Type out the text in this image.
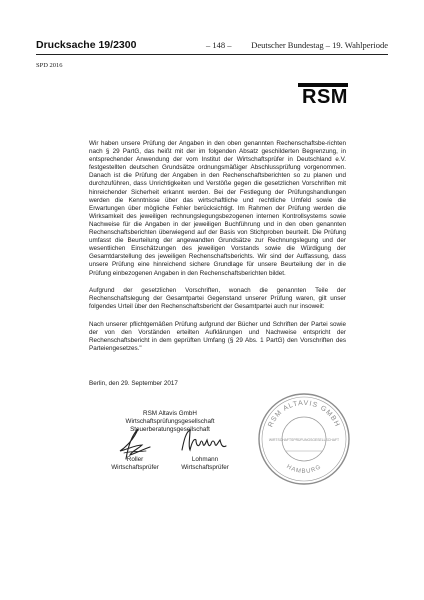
Drucksache 19/2300	– 148 – Deutscher Bundestag – 19. Wahlperiode
SPD 2016
RSM

Wir haben unsere Prüfung der Angaben in den oben genannten Rechenschaftsbe-richten nach § 29 PartG, das heißt mit der im folgenden Absatz geschilderten Begrenzung, in entsprechender Anwendung der vom Institut der Wirtschaftsprüfer in Deutschland e.V. festgestellten deutschen Grundsätze ordnungsmäßiger Abschlussprüfung vorgenommen. Danach ist die Prüfung der Angaben in den Rechenschaftsberichten so zu planen und durchzuführen, dass Unrichtigkeiten und Verstöße gegen die gesetzlichen Vorschriften mit hinreichender Sicherheit erkannt werden. Bei der Festlegung der Prüfungshandlungen werden die Kenntnisse über das wirtschaftliche und rechtliche Umfeld sowie die Erwartungen über mögliche Fehler berücksichtigt. Im Rahmen der Prüfung werden die Wirksamkeit des jeweiligen rechnungslegungsbezogenen internen Kontrollsystems sowie Nachweise für die Angaben in der jeweiligen Buchführung und in den oben genannten Rechenschaftsberichten überwiegend auf der Basis von Stichproben beurteilt. Die Prüfung umfasst die Beurteilung der angewandten Grundsätze zur Rechnungslegung und der wesentlichen Einschätzungen des jeweiligen Vorstands sowie die Würdigung der Gesamtdarstellung des jeweiligen Rechenschaftsberichts. Wir sind der Auffassung, dass unsere Prüfung eine hinreichend sichere Grundlage für unsere Beurteilung der in die Prüfung einbezogenen Angaben in den Rechenschaftsberichten bildet.

Aufgrund der gesetzlichen Vorschriften, wonach die genannten Teile der Rechenschaftslegung der Gesamtpartei Gegenstand unserer Prüfung waren, gilt unser folgendes Urteil über den Rechenschaftsbericht der Gesamtpartei auch nur insoweit:

Nach unserer pflichtgemäßen Prüfung aufgrund der Bücher und Schriften der Partei sowie der von den Vorständen erteilten Aufklärungen und Nachweise entspricht der Rechenschaftsbericht in dem geprüften Umfang (§ 29 Abs. 1 PartG) den Vorschriften des Parteiengesetzes."

Berlin, den 29. September 2017
RSM Altavis GmbH
Wirtschaftsprüfungsgesellschaft
Steuerberatungsgesellschaft
Roller
Wirtschaftsprüfer
Lohmann
Wirtschaftsprüfer
RSM ALTAVIS GMBH
HAMBURG
WIRTSCHAFTSPRÜFUNGSGESELLSCHAFT
